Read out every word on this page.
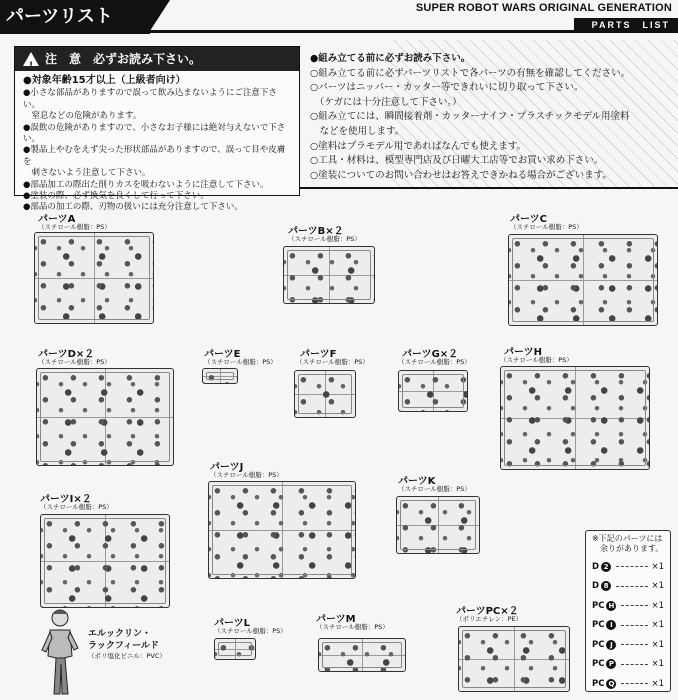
パーツリスト	SUPER ROBOT WARS ORIGINAL GENERATION
PARTS　LIST
! 注　意　必ずお読み下さい。
●対象年齢15才以上（上級者向け）
●小さな部品がありますので誤って飲み込まないようにご注意下さい。
　窒息などの危険があります。
●誤飲の危険がありますので、小さなお子様には絶対与えないで下さい。
●製品上やむをえず尖った形状部品がありますので、誤って目や皮膚を
　刺さないよう注意して下さい。
●部品加工の際出た削りカスを吸わないように注意して下さい。
●塗装の際、必ず換気を良くして行って下さい。
●部品の加工の際、刃物の扱いには充分注意して下さい。
●組み立てる前に必ずお読み下さい。
○組み立てる前に必ずパーツリストで各パーツの有無を確認してください。
○パーツはニッパー・カッター等できれいに切り取って下さい。
　（ケガには十分注意して下さい。）
○組み立てには、瞬間接着剤・カッターナイフ・プラスチックモデル用塗料
　などを使用します。
○塗料はプラモデル用であればなんでも使えます。
○工具・材料は、模型専門店及び日曜大工店等でお買い求め下さい。
○塗装についてのお問い合わせはお答えできかねる場合がございます。
パーツA
（スチロール樹脂：PS）	パーツB×２
（スチロール樹脂：PS）
パーツC
（スチロール樹脂：PS）
パーツD×２
（スチロール樹脂：PS）
パーツE
（スチロール樹脂：PS）
パーツF
（スチロール樹脂：PS）
パーツG×２
（スチロール樹脂：PS）
パーツH
（スチロール樹脂：PS）
パーツI×２
（スチロール樹脂：PS）
パーツJ
（スチロール樹脂：PS）
パーツK
（スチロール樹脂：PS）
パーツL
（スチロール樹脂：PS）
パーツM
（スチロール樹脂：PS）
パーツPC×２
（ポリエチレン：PE）
エルックリン・
ラックフィールド
（ポリ塩化ビニル：PVC）
※下記のパーツには
余りがあります。
D 2	×1
D 8	×1
PC H	×1
PC I	×1
PC J	×1
PC P	×1
PC Q	×1
